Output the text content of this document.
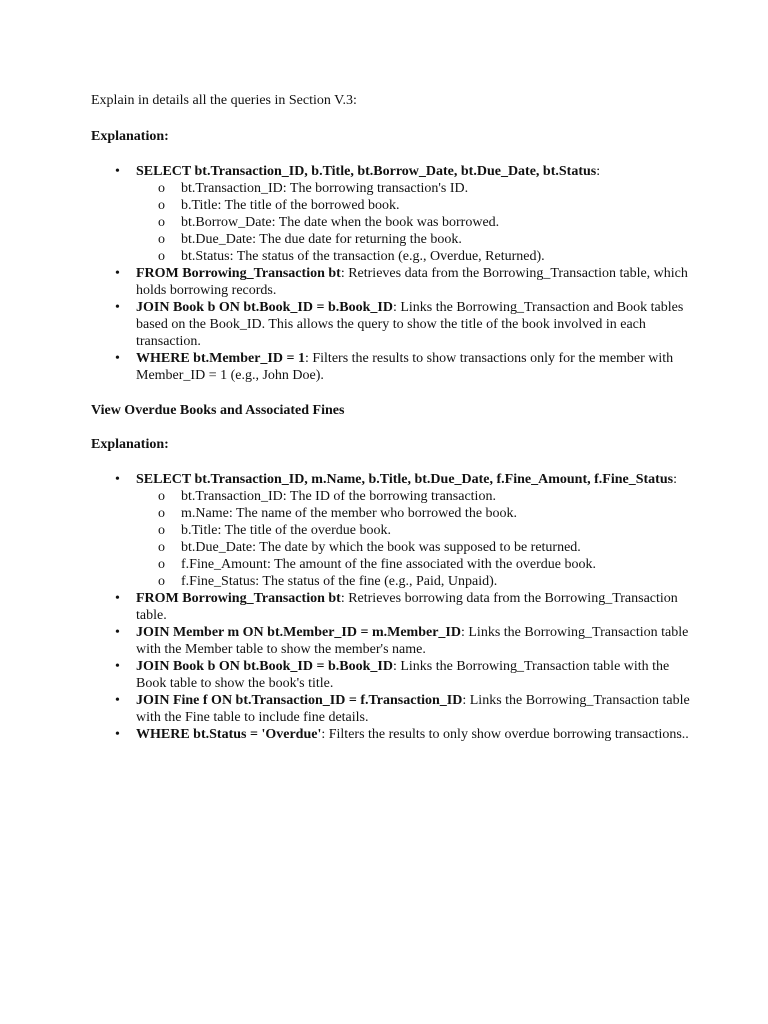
Explain in details all the queries in Section V.3:

Explanation:

• SELECT bt.Transaction_ID, b.Title, bt.Borrow_Date, bt.Due_Date, bt.Status:
o bt.Transaction_ID: The borrowing transaction's ID.
o b.Title: The title of the borrowed book.
o bt.Borrow_Date: The date when the book was borrowed.
o bt.Due_Date: The due date for returning the book.
o bt.Status: The status of the transaction (e.g., Overdue, Returned).
• FROM Borrowing_Transaction bt: Retrieves data from the Borrowing_Transaction table, which holds borrowing records.
• JOIN Book b ON bt.Book_ID = b.Book_ID: Links the Borrowing_Transaction and Book tables based on the Book_ID. This allows the query to show the title of the book involved in each transaction.
• WHERE bt.Member_ID = 1: Filters the results to show transactions only for the member with Member_ID = 1 (e.g., John Doe).

View Overdue Books and Associated Fines

Explanation:

• SELECT bt.Transaction_ID, m.Name, b.Title, bt.Due_Date, f.Fine_Amount, f.Fine_Status:
o bt.Transaction_ID: The ID of the borrowing transaction.
o m.Name: The name of the member who borrowed the book.
o b.Title: The title of the overdue book.
o bt.Due_Date: The date by which the book was supposed to be returned.
o f.Fine_Amount: The amount of the fine associated with the overdue book.
o f.Fine_Status: The status of the fine (e.g., Paid, Unpaid).
• FROM Borrowing_Transaction bt: Retrieves borrowing data from the Borrowing_Transaction table.
• JOIN Member m ON bt.Member_ID = m.Member_ID: Links the Borrowing_Transaction table with the Member table to show the member's name.
• JOIN Book b ON bt.Book_ID = b.Book_ID: Links the Borrowing_Transaction table with the Book table to show the book's title.
• JOIN Fine f ON bt.Transaction_ID = f.Transaction_ID: Links the Borrowing_Transaction table with the Fine table to include fine details.
• WHERE bt.Status = 'Overdue': Filters the results to only show overdue borrowing transactions..
